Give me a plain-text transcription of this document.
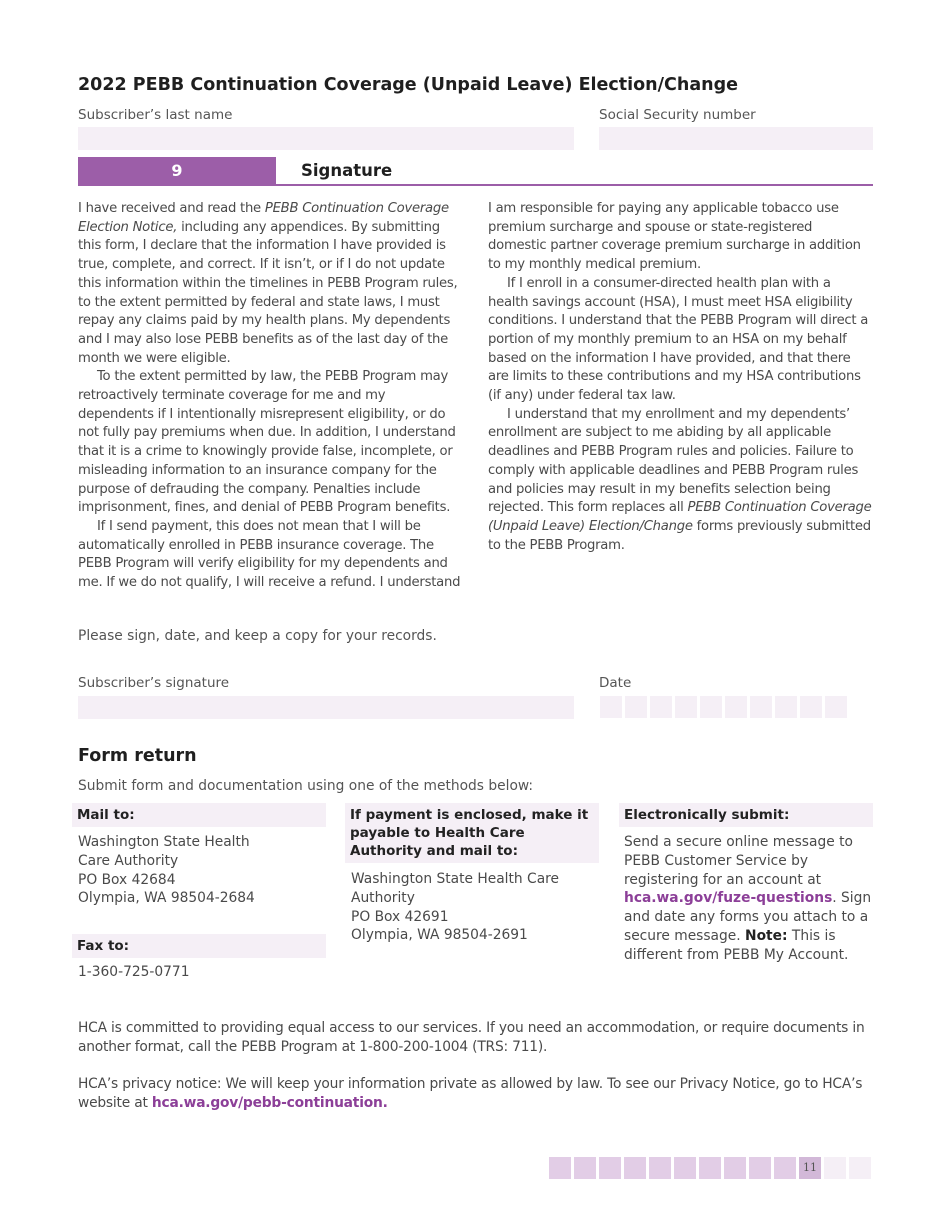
2022 PEBB Continuation Coverage (Unpaid Leave) Election/Change
Subscriber’s last name	Social Security number
9	Signature

I have received and read the PEBB Continuation Coverage Election Notice, including any appendices. By submitting this form, I declare that the information I have provided is true, complete, and correct. If it isn’t, or if I do not update this information within the timelines in PEBB Program rules, to the extent permitted by federal and state laws, I must repay any claims paid by my health plans. My dependents and I may also lose PEBB benefits as of the last day of the month we were eligible.

To the extent permitted by law, the PEBB Program may retroactively terminate coverage for me and my dependents if I intentionally misrepresent eligibility, or do not fully pay premiums when due. In addition, I understand that it is a crime to knowingly provide false, incomplete, or misleading information to an insurance company for the purpose of defrauding the company. Penalties include imprisonment, fines, and denial of PEBB Program benefits.

If I send payment, this does not mean that I will be automatically enrolled in PEBB insurance coverage. The PEBB Program will verify eligibility for my dependents and me. If we do not qualify, I will receive a refund. I understand

I am responsible for paying any applicable tobacco use premium surcharge and spouse or state-registered domestic partner coverage premium surcharge in addition to my monthly medical premium.

If I enroll in a consumer-directed health plan with a health savings account (HSA), I must meet HSA eligibility conditions. I understand that the PEBB Program will direct a portion of my monthly premium to an HSA on my behalf based on the information I have provided, and that there are limits to these contributions and my HSA contributions (if any) under federal tax law.

I understand that my enrollment and my dependents’ enrollment are subject to me abiding by all applicable deadlines and PEBB Program rules and policies. Failure to comply with applicable deadlines and PEBB Program rules and policies may result in my benefits selection being rejected. This form replaces all PEBB Continuation Coverage (Unpaid Leave) Election/Change forms previously submitted to the PEBB Program.

Please sign, date, and keep a copy for your records.
Subscriber’s signature	Date
Form return
Submit form and documentation using one of the methods below:
Mail to:
Washington State Health
Care Authority
PO Box 42684
Olympia, WA 98504-2684
Fax to:
1-360-725-0771
If payment is enclosed, make it payable to Health Care Authority and mail to:
Washington State Health Care
Authority
PO Box 42691
Olympia, WA 98504-2691
Electronically submit:
Send a secure online message to PEBB Customer Service by registering for an account at hca.wa.gov/fuze-questions. Sign and date any forms you attach to a secure message. Note: This is different from PEBB My Account.
HCA is committed to providing equal access to our services. If you need an accommodation, or require documents in another format, call the PEBB Program at 1-800-200-1004 (TRS: 711).
HCA’s privacy notice: We will keep your information private as allowed by law. To see our Privacy Notice, go to HCA’s website at hca.wa.gov/pebb-continuation.
11
